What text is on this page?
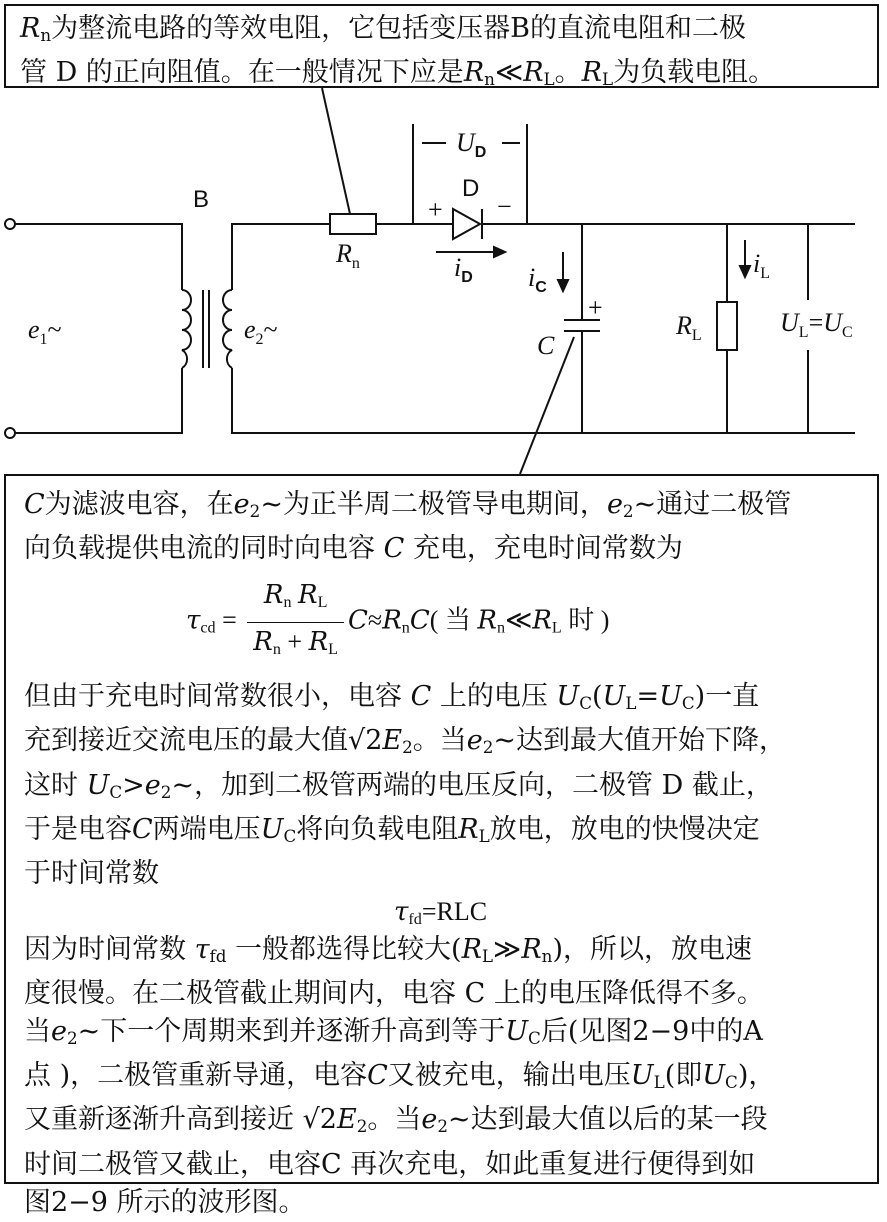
$R_n$为整流电路的等效电阻，它包括变压器B的直流电阻和二极
管 D 的正向阻值。在一般情况下应是$R_n≪R_L$。$R_L$为负载电阻。
B
$e_1\sim$	$e_2\sim$
$R_n$
D
+ −
$U_D$
$i_D$ $i_C$
C
+
$i_L$
$R_L$	$U_L=U_C$

C为滤波电容，在$e_2\sim$为正半周二极管导电期间，$e_2\sim$通过二极管

向负载提供电流的同时向电容 C 充电，充电时间常数为

$\tau_{cd} = \frac{R_n R_L}{R_n + R_L} C\approx R_nC$( 当 $R_n≪R_L$ 时 )

但由于充电时间常数很小，电容 C 上的电压 $U_C(U_L=U_C)$一直

充到接近交流电压的最大值$√2E_2$。当$e_2\sim$达到最大值开始下降，

这时 $U_C>e_2\sim$，加到二极管两端的电压反向，二极管 D 截止，

于是电容C两端电压$U_C$将向负载电阻$R_L$放电，放电的快慢决定

于时间常数

$\tau_{fd}=RLC$

因为时间常数 $\tau_{fd}$ 一般都选得比较大$(R_L≫R_n)$，所以，放电速

度很慢。在二极管截止期间内，电容 C 上的电压降低得不多。

当$e_2\sim$下一个周期来到并逐渐升高到等于$U_C$后(见图2−9中的A

点 )，二极管重新导通，电容C又被充电，输出电压$U_L$(即$U_C$)，

又重新逐渐升高到接近 $√2E_2$。当$e_2\sim$达到最大值以后的某一段

时间二极管又截止，电容C 再次充电，如此重复进行便得到如

图2−9 所示的波形图。
